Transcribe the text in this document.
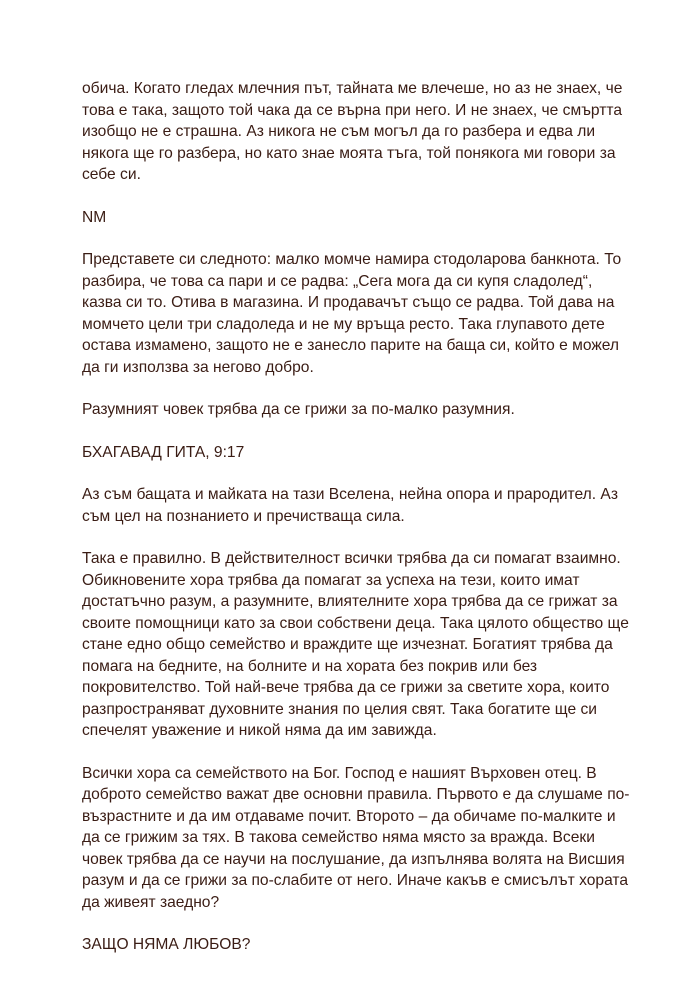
обича. Когато гледах млечния път, тайната ме влечеше, но аз не знаех, че това е така, защото той чака да се върна при него. И не знаех, че смъртта изобщо не е страшна. Аз никога не съм могъл да го разбера и едва ли някога ще го разбера, но като знае моята тъга, той понякога ми говори за себе си.

NM

Представете си следното: малко момче намира стодоларова банкнота. То разбира, че това са пари и се радва: „Сега мога да си купя сладолед“, казва си то. Отива в магазина. И продавачът също се радва. Той дава на момчето цели три сладоледа и не му връща ресто. Така глупавото дете остава измамено, защото не е занесло парите на баща си, който е можел да ги използва за негово добро.

Разумният човек трябва да се грижи за по-малко разумния.

БХАГАВАД ГИТА, 9:17

Аз съм бащата и майката на тази Вселена, нейна опора и прародител. Аз съм цел на познанието и пречистваща сила.

Така е правилно. В действителност всички трябва да си помагат взаимно. Обикновените хора трябва да помагат за успеха на тези, които имат достатъчно разум, а разумните, влиятелните хора трябва да се грижат за своите помощници като за свои собствени деца. Така цялото общество ще стане едно общо семейство и враждите ще изчезнат. Богатият трябва да помага на бедните, на болните и на хората без покрив или без покровителство. Той най-вече трябва да се грижи за светите хора, които разпространяват духовните знания по целия свят. Така богатите ще си спечелят уважение и никой няма да им завижда.

Всички хора са семейството на Бог. Господ е нашият Върховен отец. В доброто семейство важат две основни правила. Първото е да слушаме по-възрастните и да им отдаваме почит. Второто – да обичаме по-малките и да се грижим за тях. В такова семейство няма място за вражда. Всеки човек трябва да се научи на послушание, да изпълнява волята на Висшия разум и да се грижи за по-слабите от него. Иначе какъв е смисълът хората да живеят заедно?

ЗАЩО НЯМА ЛЮБОВ?
